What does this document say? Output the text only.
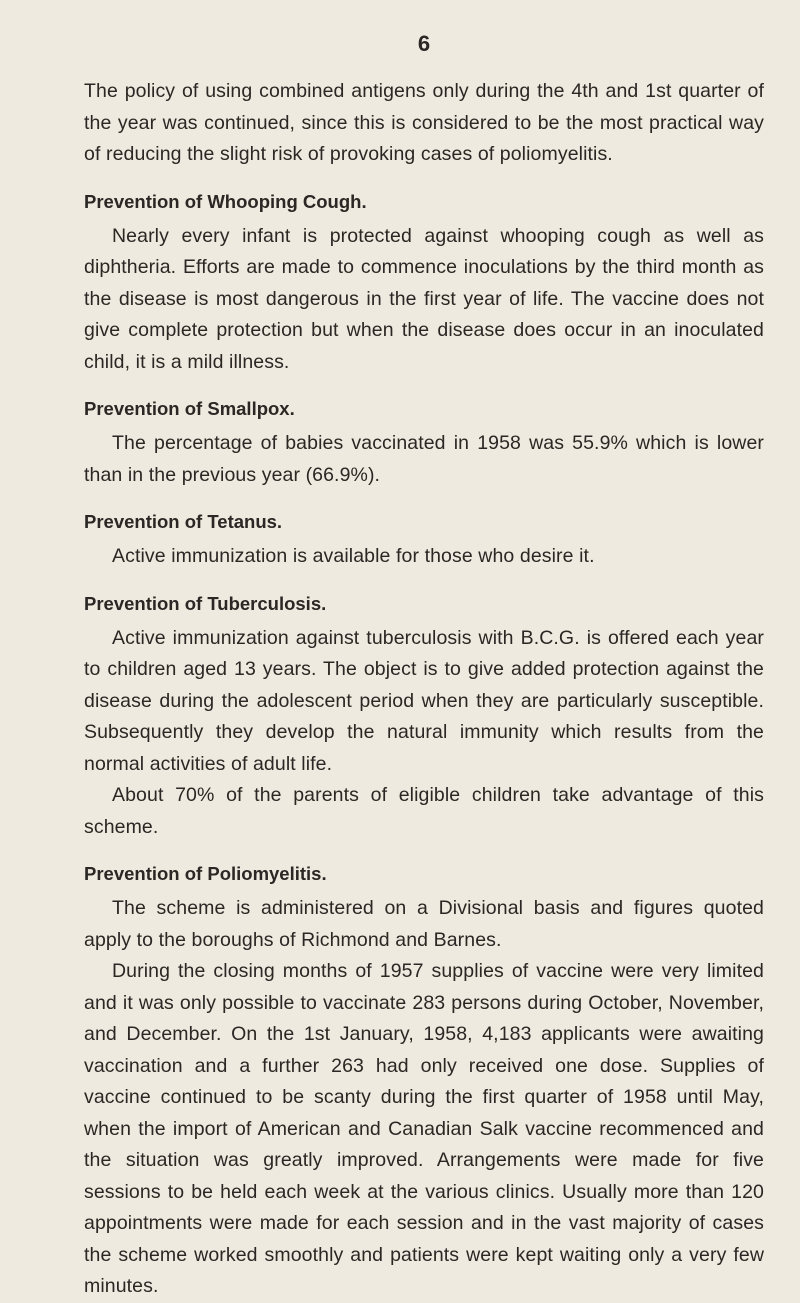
6

The policy of using combined antigens only during the 4th and 1st quarter of the year was continued, since this is considered to be the most practical way of reducing the slight risk of provoking cases of poliomyelitis.

Prevention of Whooping Cough.

Nearly every infant is protected against whooping cough as well as diphtheria. Efforts are made to commence inoculations by the third month as the disease is most dangerous in the first year of life. The vaccine does not give complete protection but when the disease does occur in an inoculated child, it is a mild illness.

Prevention of Smallpox.

The percentage of babies vaccinated in 1958 was 55.9% which is lower than in the previous year (66.9%).

Prevention of Tetanus.

Active immunization is available for those who desire it.

Prevention of Tuberculosis.

Active immunization against tuberculosis with B.C.G. is offered each year to children aged 13 years. The object is to give added protection against the disease during the adolescent period when they are particularly susceptible. Subsequently they develop the natural immunity which results from the normal activities of adult life.

About 70% of the parents of eligible children take advantage of this scheme.

Prevention of Poliomyelitis.

The scheme is administered on a Divisional basis and figures quoted apply to the boroughs of Richmond and Barnes.

During the closing months of 1957 supplies of vaccine were very limited and it was only possible to vaccinate 283 persons during October, November, and December. On the 1st January, 1958, 4,183 applicants were awaiting vaccination and a further 263 had only received one dose. Supplies of vaccine continued to be scanty during the first quarter of 1958 until May, when the import of American and Canadian Salk vaccine recommenced and the situation was greatly improved. Arrangements were made for five sessions to be held each week at the various clinics. Usually more than 120 appointments were made for each session and in the vast majority of cases the scheme worked smoothly and patients were kept waiting only a very few minutes.
